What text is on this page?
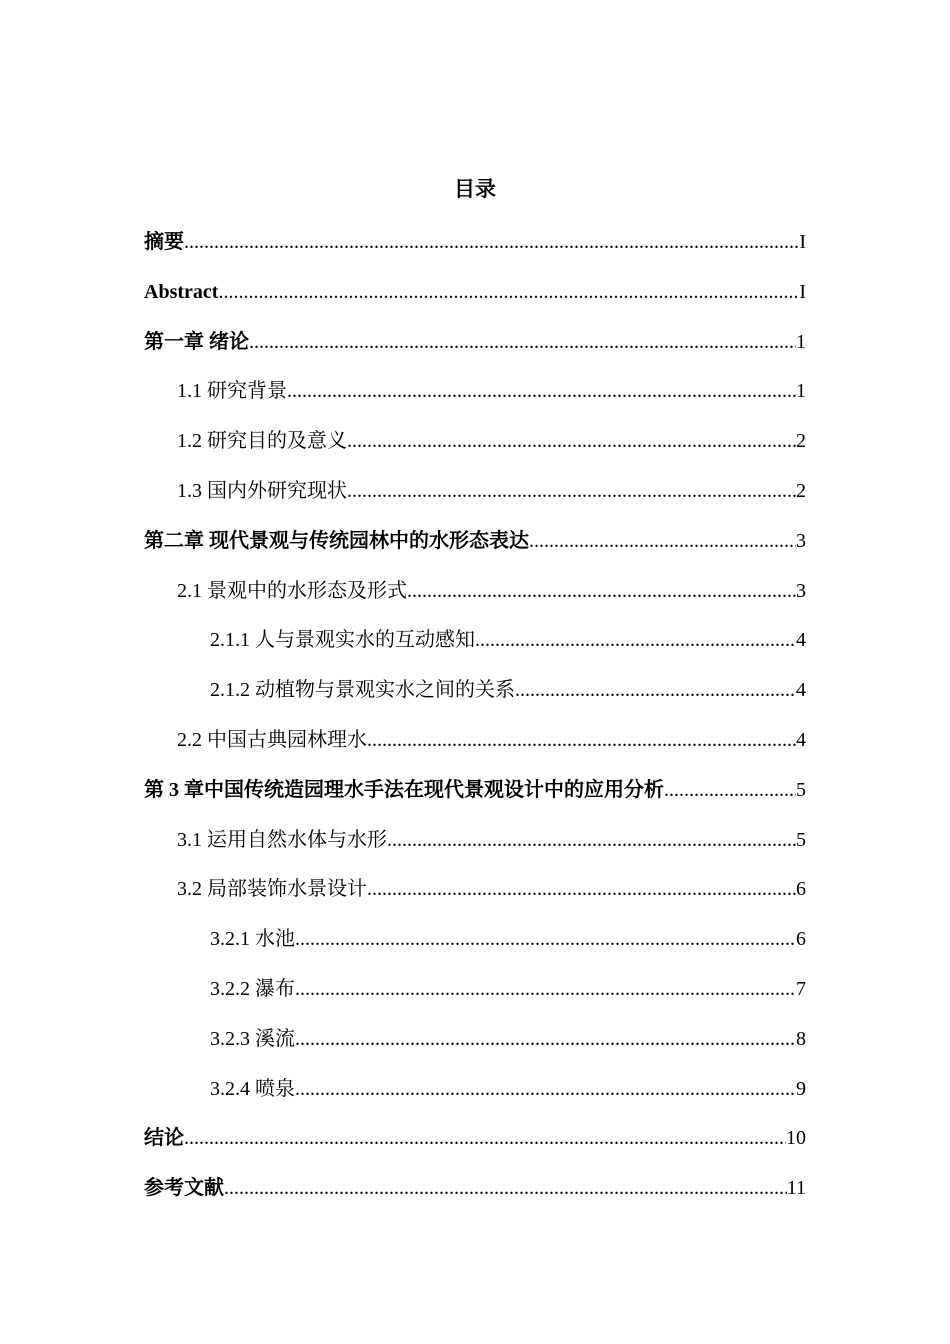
目录
摘要 .....	I
Abstract .....	I
第一章 绪论 .....	1
1.1 研究背景 .....	1
1.2 研究目的及意义 .....	2
1.3 国内外研究现状 .....	2
第二章 现代景观与传统园林中的水形态表达 .....	3
2.1 景观中的水形态及形式 .....	3
2.1.1 人与景观实水的互动感知 .....	4
2.1.2 动植物与景观实水之间的关系 .....	4
2.2 中国古典园林理水 .....	4
第 3 章中国传统造园理水手法在现代景观设计中的应用分析 .....	5
3.1 运用自然水体与水形 .....	5
3.2 局部装饰水景设计 .....	6
3.2.1 水池 .....	6
3.2.2 瀑布 .....	7
3.2.3 溪流 .....	8
3.2.4 喷泉 .....	9
结论 .....	10
参考文献 .....	11
